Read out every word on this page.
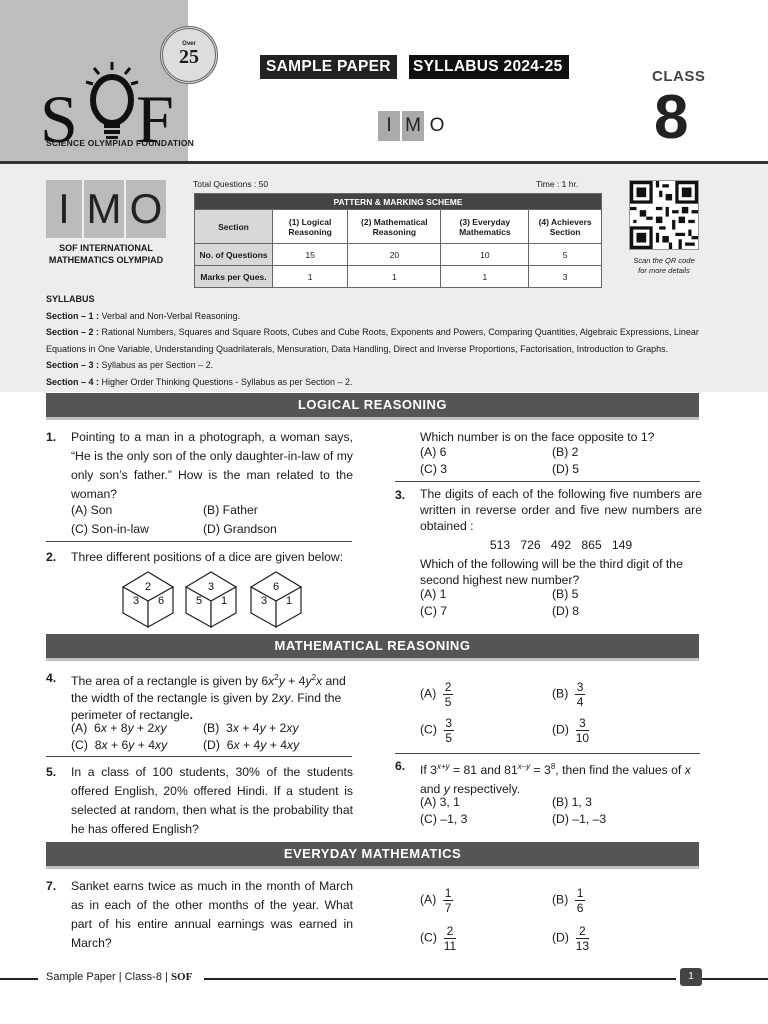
S F
SCIENCE OLYMPIAD FOUNDATION
Over
25	SAMPLE PAPER	SYLLABUS 2024-25
CLASS
8
I M O
I M O
SOF INTERNATIONAL
MATHEMATICS OLYMPIAD
Total Questions : 50	Time : 1 hr.
PATTERN & MARKING SCHEME				
Section	(1) Logical Reasoning	(2) Mathematical Reasoning	(3) Everyday Mathematics	(4) Achievers Section
No. of Questions	15	20	10	5
Marks per Ques.	1	1	1	3
Scan the QR code
for more details
SYLLABUS
Section – 1 : Verbal and Non-Verbal Reasoning.
Section – 2 : Rational Numbers, Squares and Square Roots, Cubes and Cube Roots, Exponents and Powers, Comparing Quantities, Algebraic Expressions, Linear Equations in One Variable, Understanding Quadrilaterals, Mensuration, Data Handling, Direct and Inverse Proportions, Factorisation, Introduction to Graphs.
Section – 3 : Syllabus as per Section – 2.
Section – 4 : Higher Order Thinking Questions - Syllabus as per Section – 2.
LOGICAL REASONING
1. Pointing to a man in a photograph, a woman says, “He is the only son of the only daughter-in-law of my only son’s father.” How is the man related to the woman?
(A) Son	(B) Father
(C) Son-in-law	(D) Grandson
2. Three different positions of a dice are given below:
2
3 6
3
5 1
6
3 1
Which number is on the face opposite to 1?
(A) 6	(B) 2
(C) 3	(D) 5
3. The digits of each of the following five numbers are written in reverse order and five new numbers are obtained :
513   726   492   865   149
Which of the following will be the third digit of the second highest new number?
(A) 1	(B) 5
(C) 7	(D) 8
MATHEMATICAL REASONING
4. The area of a rectangle is given by $6x^2y + 4y^2x$ and the width of the rectangle is given by 2xy. Find the perimeter of rectangle.
(A)  6x + 8y + 2xy	(B)  3x + 4y + 2xy
(C)  8x + 6y + 4xy	(D)  6x + 4y + 4xy
5. In a class of 100 students, 30% of the students offered English, 20% offered Hindi. If a student is selected at random, then what is the probability that he has offered English?
$(A) \frac{2}{5}$	$(B) \frac{3}{4}$
$(C) \frac{3}{5}$	$(D) \frac{3}{10}$
6. If $3^{x+y} = 81$ and $81^{x-y} = 3^8$, then find the values of x and y respectively.
(A) 3, 1	(B) 1, 3
(C) –1, 3	(D) –1, –3
EVERYDAY MATHEMATICS
7. Sanket earns twice as much in the month of March as in each of the other months of the year. What part of his entire annual earnings was earned in March?
$(A) \frac{1}{7}$	$(B) \frac{1}{6}$
$(C) \frac{2}{11}$	$(D) \frac{2}{13}$
Sample Paper | Class-8 | SOF	1
